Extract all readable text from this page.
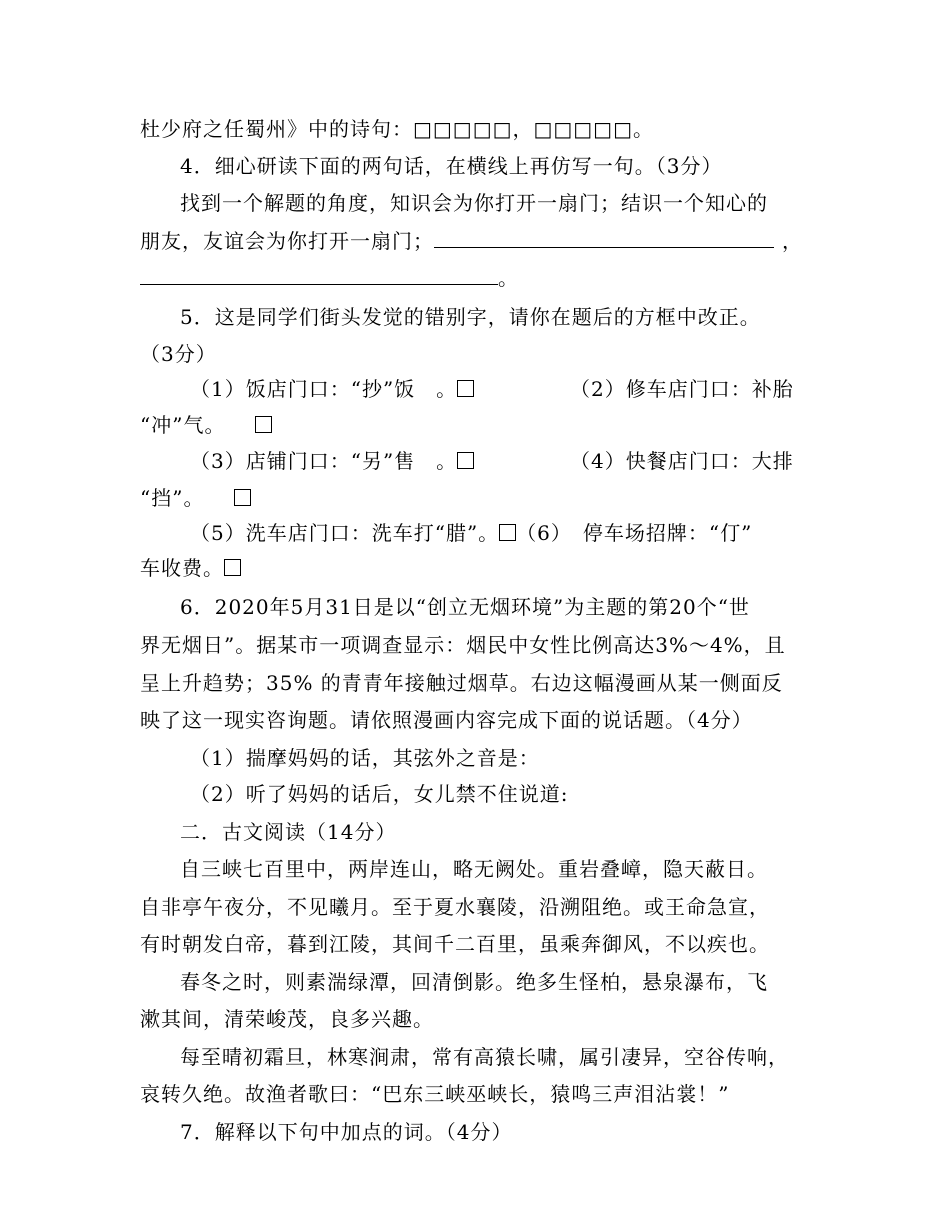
杜少府之任蜀州》中的诗句：□□□□□，□□□□□。
4．细心研读下面的两句话，在横线上再仿写一句。（3分）
找到一个解题的角度，知识会为你打开一扇门；结识一个知心的
朋友，友谊会为你打开一扇门；	，
。
5．这是同学们街头发觉的错别字，请你在题后的方框中改正。
（3分）
（1）饭店门口：“抄”饭　。	（2）修车店门口：补胎
“冲”气。
（3）店铺门口：“另”售　。	（4）快餐店门口：大排
“挡”。
（5）洗车店门口：洗车打“腊”。 （6）　停车场招牌：“仃”
车收费。
6．2020年5月31日是以“创立无烟环境”为主题的第20个“世
界无烟日”。据某市一项调查显示：烟民中女性比例高达3%～4%，且
呈上升趋势；35% 的青青年接触过烟草。右边这幅漫画从某一侧面反
映了这一现实咨询题。请依照漫画内容完成下面的说话题。（4分）
（1）揣摩妈妈的话，其弦外之音是：
（2）听了妈妈的话后，女儿禁不住说道:
二．古文阅读（14分）
自三峡七百里中，两岸连山，略无阙处。重岩叠嶂，隐天蔽日。
自非亭午夜分，不见曦月。至于夏水襄陵，沿溯阻绝。或王命急宣，
有时朝发白帝，暮到江陵，其间千二百里，虽乘奔御风，不以疾也。
春冬之时，则素湍绿潭，回清倒影。绝多生怪柏，悬泉瀑布，飞
漱其间，清荣峻茂，良多兴趣。
每至晴初霜旦，林寒涧肃，常有高猿长啸，属引凄异，空谷传响，
哀转久绝。故渔者歌曰：“巴东三峡巫峡长，猿鸣三声泪沾裳！”
7．解释以下句中加点的词。（4分）
